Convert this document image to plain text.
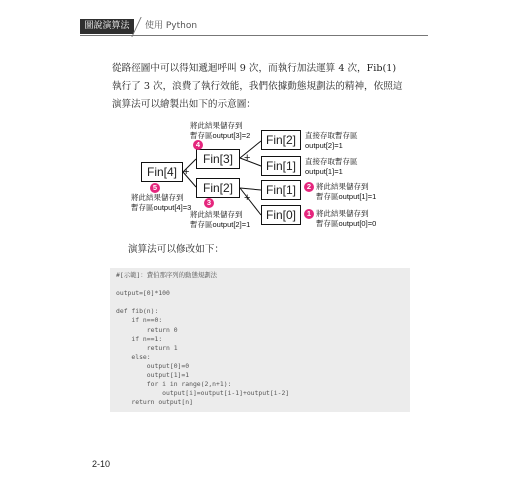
圖說演算法	使用 Python
從路徑圖中可以得知遞迴呼叫 9 次，而執行加法運算 4 次，Fib(1) 執行了 3 次，浪費了執行效能，我們依據動態規劃法的精神，依照這演算法可以繪製出如下的示意圖：
Fin[4]
Fin[3]
Fin[2]
Fin[1]
Fin[2]	Fin[1]
Fin[0]
+
+
+
將此結果儲存到
暫存區output[3]=2
4
直接存取暫存區
output[2]=1
直接存取暫存區
output[1]=1
5
將此結果儲存到
暫存區output[4]=3	3
將此結果儲存到
暫存區output[2]=1
2 將此結果儲存到
暫存區output[1]=1
1 將此結果儲存到
暫存區output[0]=0
演算法可以修改如下：
#[示範]：費伯那序列的動態規劃法
output=[0]*100
def fib(n):
if n==0:
return 0
if n==1:
return 1
else:
output[0]=0
output[1]=1
for i in range(2,n+1):
output[i]=output[i-1]+output[i-2]
return output[n]
2-10
